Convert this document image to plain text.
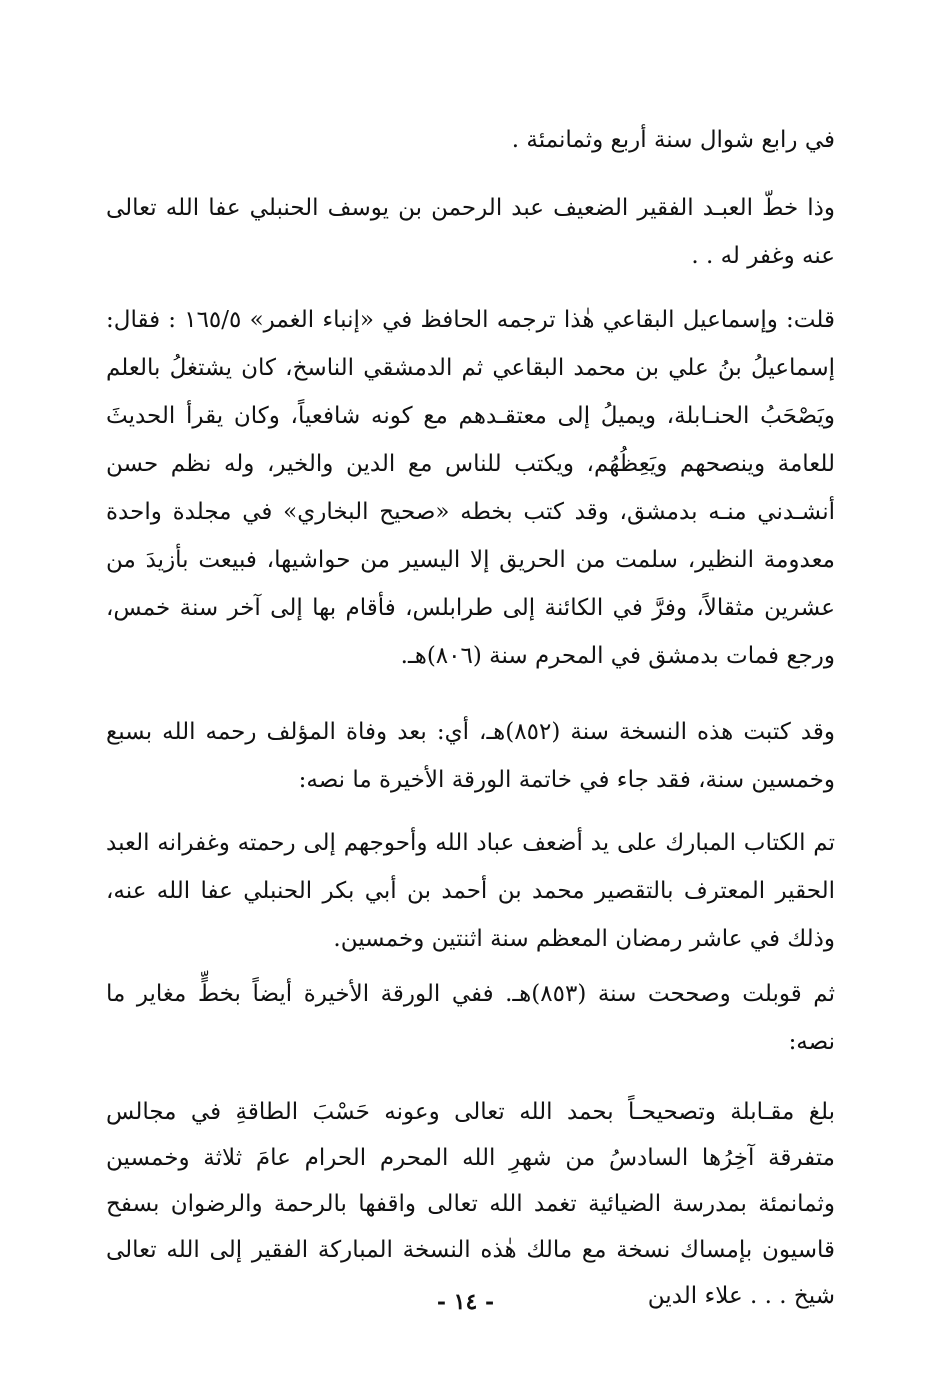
في رابع شوال سنة أربع وثمانمئة .
وذا خطّ العبـد الفقير الضعيف عبد الرحمن بن يوسف الحنبلي عفا الله تعالى عنه وغفر له . .
قلت: وإسماعيل البقاعي هٰذا ترجمه الحافظ في «إنباء الغمر» ١٦٥/٥ : فقال: إسماعيلُ بنُ علي بن محمد البقاعي ثم الدمشقي الناسخ، كان يشتغلُ بالعلم ويَصْحَبُ الحنـابلة، ويميلُ إلى معتقـدهم مع كونه شافعياً، وكان يقرأ الحديثَ للعامة وينصحهم ويَعِظُهُم، ويكتب للناس مع الدين والخير، وله نظم حسن أنشـدني منـه بدمشق، وقد كتب بخطه «صحيح البخاري» في مجلدة واحدة معدومة النظير، سلمت من الحريق إلا اليسير من حواشيها، فبيعت بأزيدَ من عشرين مثقالاً، وفرَّ في الكائنة إلى طرابلس، فأقام بها إلى آخر سنة خمس، ورجع فمات بدمشق في المحرم سنة (٨٠٦)هـ.
وقد كتبت هذه النسخة سنة (٨٥٢)هـ، أي: بعد وفاة المؤلف رحمه الله بسبع وخمسين سنة، فقد جاء في خاتمة الورقة الأخيرة ما نصه:
تم الكتاب المبارك على يد أضعف عباد الله وأحوجهم إلى رحمته وغفرانه العبد الحقير المعترف بالتقصير محمد بن أحمد بن أبي بكر الحنبلي عفا الله عنه، وذلك في عاشر رمضان المعظم سنة اثنتين وخمسين.
ثم قوبلت وصححت سنة (٨٥٣)هـ. ففي الورقة الأخيرة أيضاً بخطٍّ مغاير ما نصه:
بلغ مقـابلة وتصحيحـاً بحمد الله تعالى وعونه حَسْبَ الطاقةِ في مجالس متفرقة آخِرُها السادسُ من شهرِ الله المحرم الحرام عامَ ثلاثة وخمسين وثمانمئة بمدرسة الضيائية تغمد الله تعالى واقفها بالرحمة والرضوان بسفح قاسيون بإمساك نسخة مع مالك هٰذه النسخة المباركة الفقير إلى الله تعالى شيخ . . . علاء الدين
- ١٤ -
